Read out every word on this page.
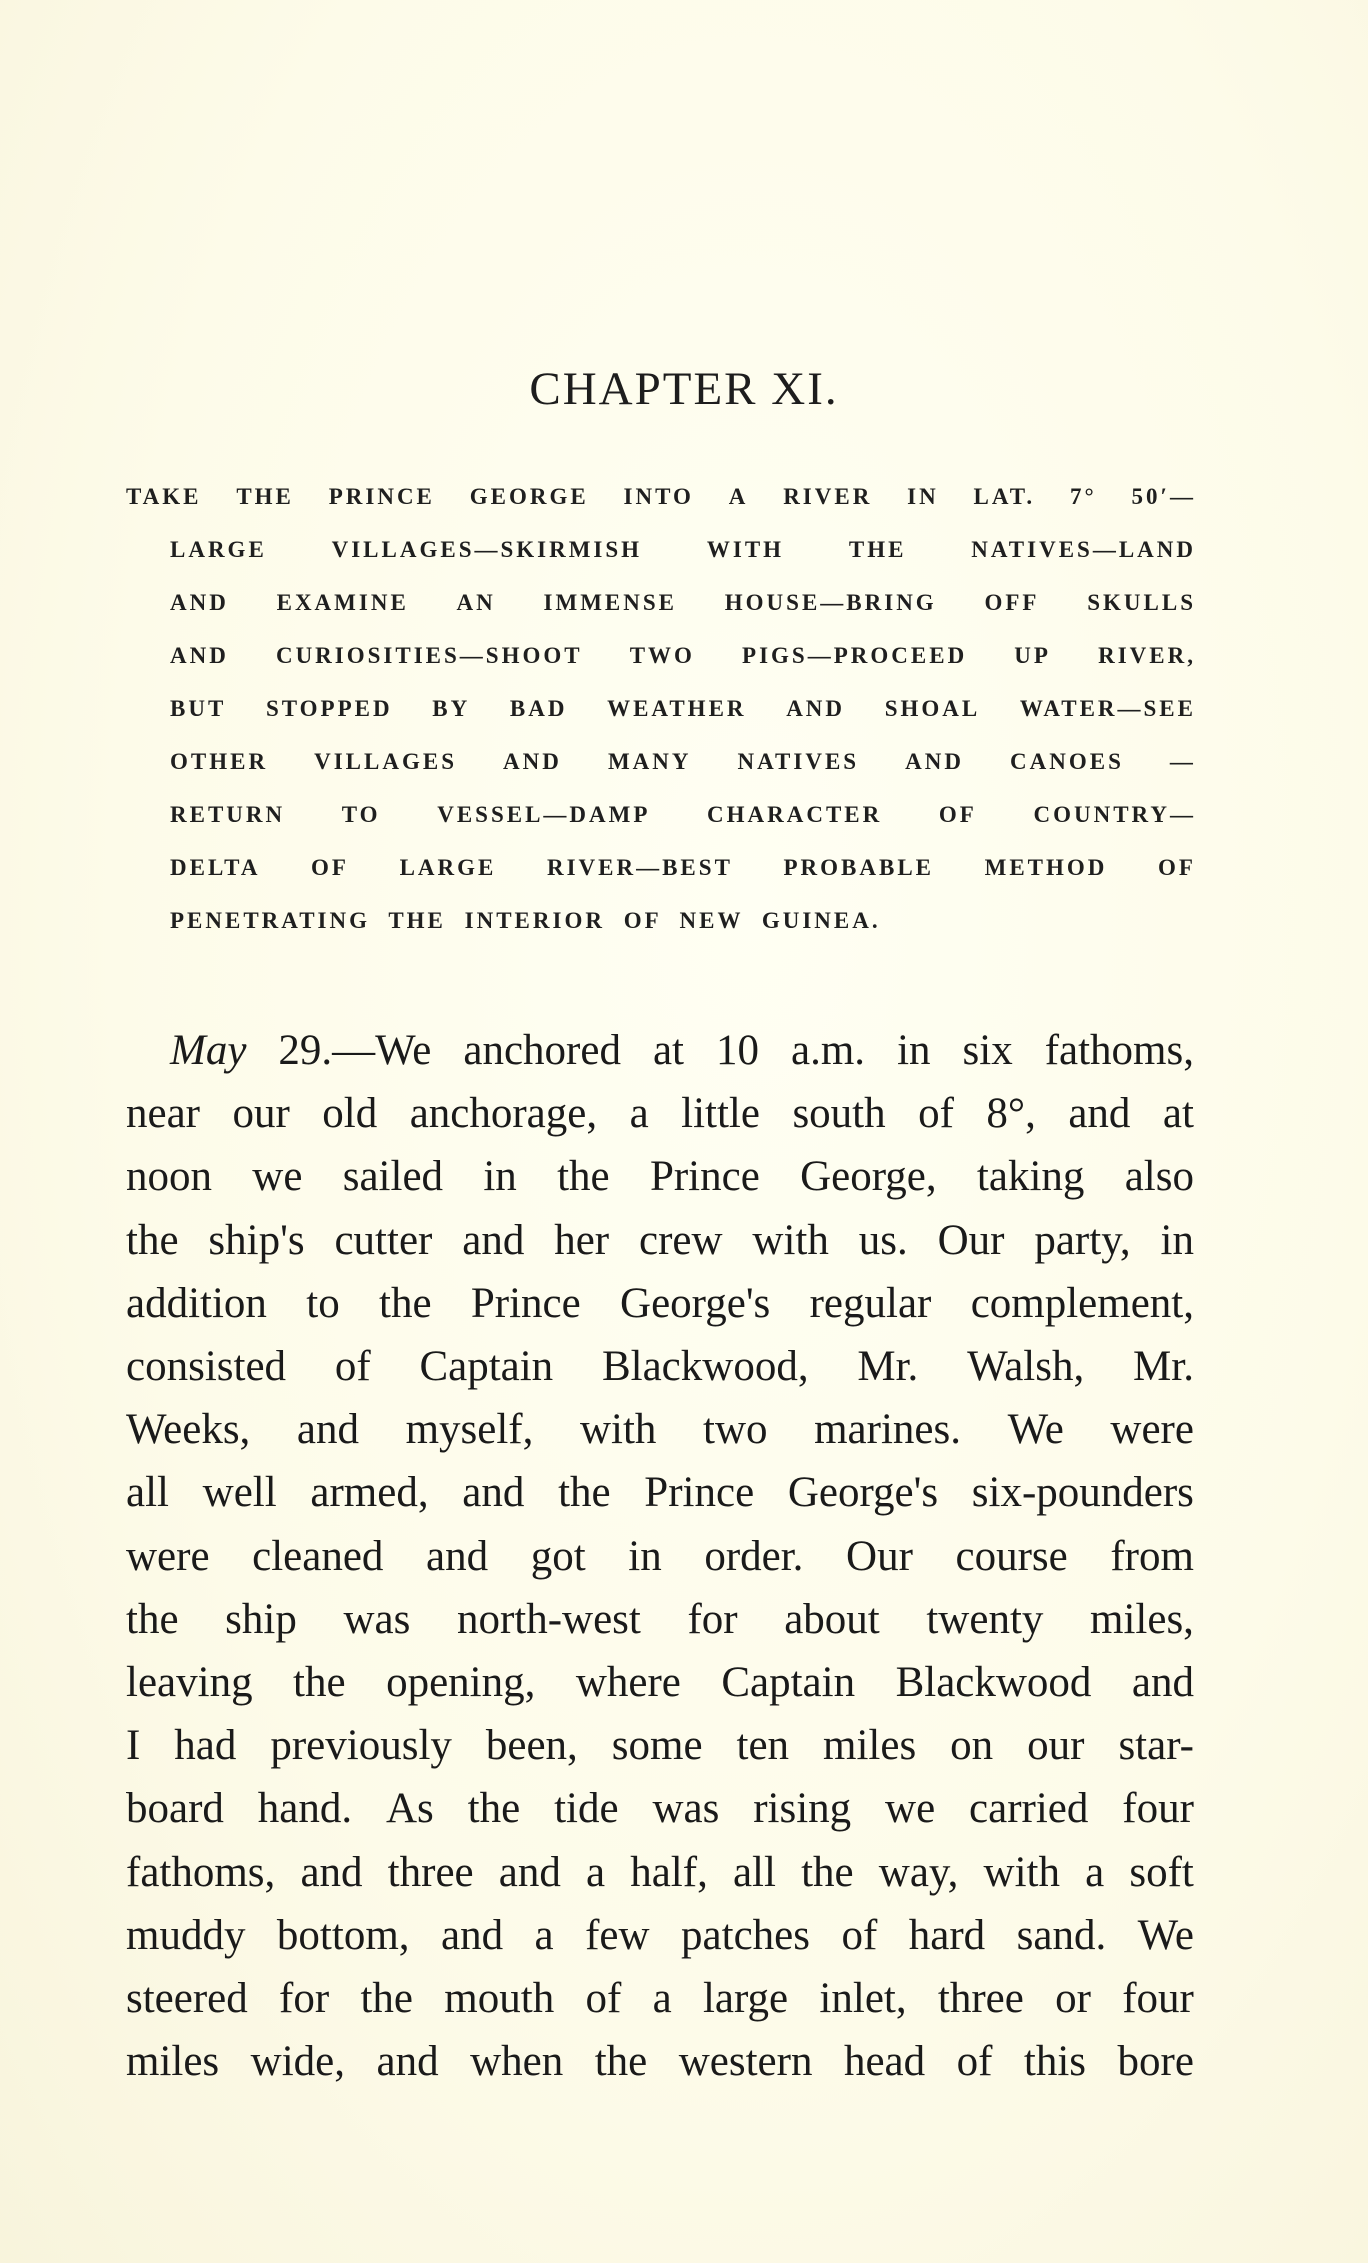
CHAPTER XI.
TAKE THE PRINCE GEORGE INTO A RIVER IN LAT. 7° 50′—
LARGE	VILLAGES—SKIRMISH	WITH	THE	NATIVES—LAND
AND EXAMINE AN IMMENSE HOUSE—BRING OFF SKULLS
AND CURIOSITIES—SHOOT TWO PIGS—PROCEED UP RIVER,
BUT STOPPED BY BAD WEATHER AND SHOAL WATER—SEE
OTHER VILLAGES AND MANY NATIVES AND CANOES —
RETURN TO VESSEL—DAMP CHARACTER OF COUNTRY—
DELTA OF LARGE RIVER—BEST PROBABLE METHOD OF
PENETRATING THE INTERIOR OF NEW GUINEA.
May 29.—We anchored at 10 a.m. in six fathoms,
near our old anchorage, a little south of 8°, and at
noon we sailed in the Prince George, taking also
the ship's cutter and her crew with us. Our party, in
addition to the Prince George's regular complement,
consisted of Captain Blackwood, Mr. Walsh, Mr.
Weeks, and myself, with two marines. We were
all well armed, and the Prince George's six-pounders
were cleaned and got in order. Our course from
the ship was north-west for about twenty miles,
leaving the opening, where Captain Blackwood and
I had previously been, some ten miles on our star-
board hand. As the tide was rising we carried four
fathoms, and three and a half, all the way, with a soft
muddy bottom, and a few patches of hard sand. We
steered for the mouth of a large inlet, three or four
miles wide, and when the western head of this bore
